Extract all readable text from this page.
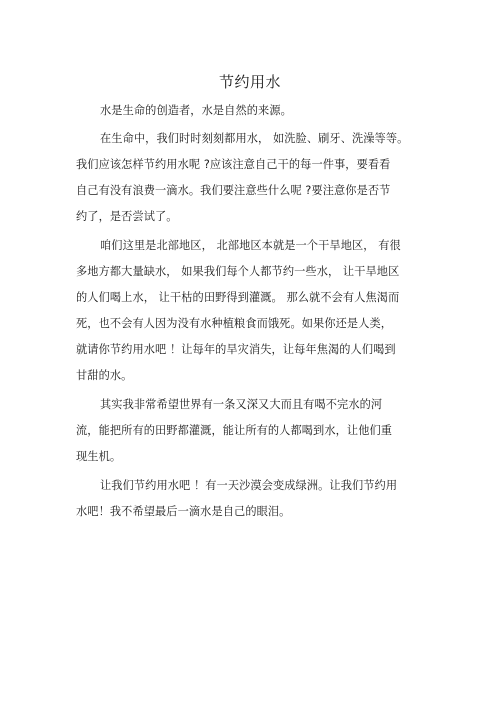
节约用水
水是生命的创造者，水是自然的来源。
在生命中，我们时时刻刻都用水， 如洗脸、刷牙、洗澡等等。
我们应该怎样节约用水呢 ?应该注意自己干的每一件事，要看看
自己有没有浪费一滴水。我们要注意些什么呢 ?要注意你是否节
约了，是否尝试了。
咱们这里是北部地区， 北部地区本就是一个干旱地区， 有很
多地方都大量缺水， 如果我们每个人都节约一些水， 让干旱地区
的人们喝上水， 让干枯的田野得到灌溉。 那么就不会有人焦渴而
死，也不会有人因为没有水种植粮食而饿死。如果你还是人类，
就请你节约用水吧 ！让每年的旱灾消失，让每年焦渴的人们喝到
甘甜的水。
其实我非常希望世界有一条又深又大而且有喝不完水的河
流，能把所有的田野都灌溉，能让所有的人都喝到水，让他们重
现生机。
让我们节约用水吧 ！有一天沙漠会变成绿洲。让我们节约用
水吧！我不希望最后一滴水是自己的眼泪。
